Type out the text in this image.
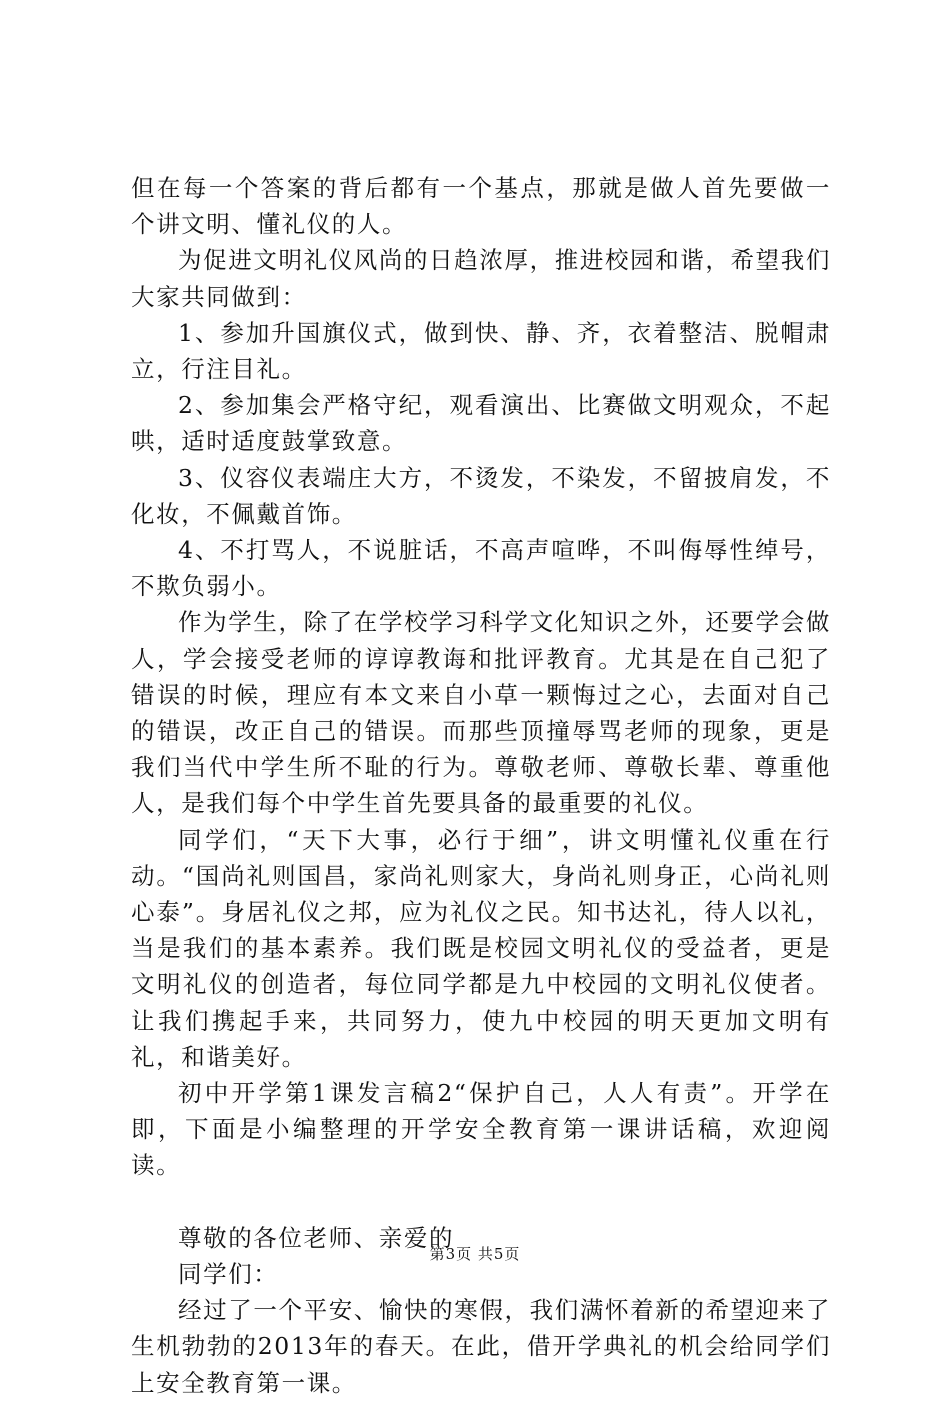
但在每一个答案的背后都有一个基点，那就是做人首先要做一个讲文明、懂礼仪的人。

为促进文明礼仪风尚的日趋浓厚，推进校园和谐，希望我们大家共同做到：

1、参加升国旗仪式，做到快、静、齐，衣着整洁、脱帽肃立，行注目礼。

2、参加集会严格守纪，观看演出、比赛做文明观众，不起哄，适时适度鼓掌致意。

3、仪容仪表端庄大方，不烫发，不染发，不留披肩发，不化妆，不佩戴首饰。

4、不打骂人，不说脏话，不高声喧哗，不叫侮辱性绰号，不欺负弱小。

作为学生，除了在学校学习科学文化知识之外，还要学会做人，学会接受老师的谆谆教诲和批评教育。尤其是在自己犯了错误的时候，理应有本文来自小草一颗悔过之心，去面对自己的错误，改正自己的错误。而那些顶撞辱骂老师的现象，更是我们当代中学生所不耻的行为。尊敬老师、尊敬长辈、尊重他人，是我们每个中学生首先要具备的最重要的礼仪。

同学们，“天下大事，必行于细”，讲文明懂礼仪重在行动。“国尚礼则国昌，家尚礼则家大，身尚礼则身正，心尚礼则心泰”。身居礼仪之邦，应为礼仪之民。知书达礼，待人以礼，当是我们的基本素养。我们既是校园文明礼仪的受益者，更是文明礼仪的创造者，每位同学都是九中校园的文明礼仪使者。让我们携起手来，共同努力，使九中校园的明天更加文明有礼，和谐美好。

初中开学第1课发言稿2“保护自己，人人有责”。开学在即，下面是小编整理的开学安全教育第一课讲话稿，欢迎阅读。

尊敬的各位老师、亲爱的

同学们：

经过了一个平安、愉快的寒假，我们满怀着新的希望迎来了生机勃勃的2013年的春天。在此，借开学典礼的机会给同学们上安全教育第一课。

第3页 共5页
